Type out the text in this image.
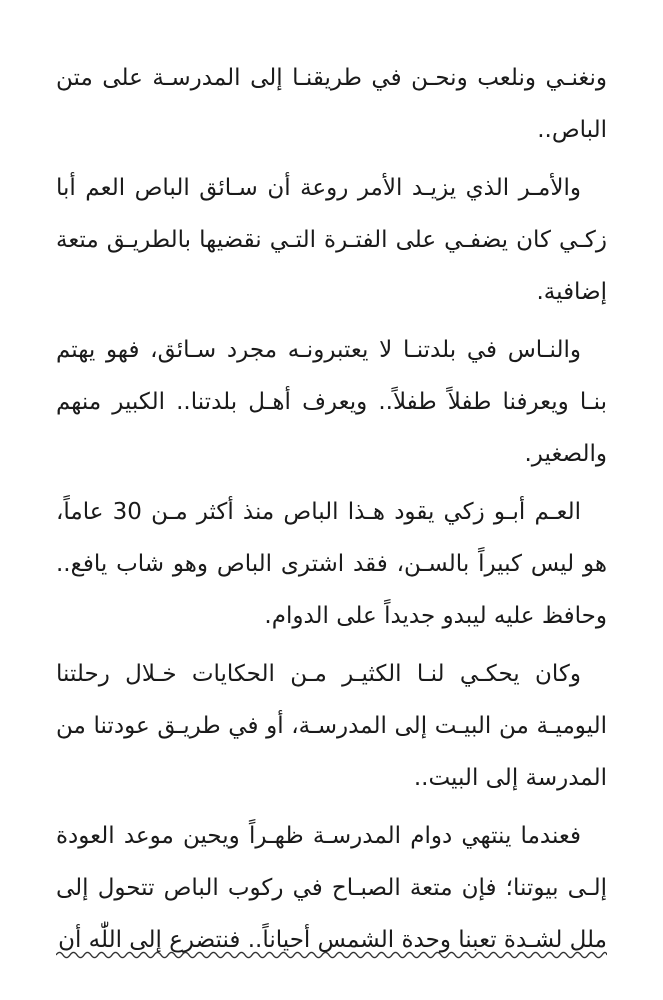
ونغنـي ونلعب ونحـن في طريقنـا إلى المدرسـة على متن الباص..

والأمـر الذي يزيـد الأمر روعة أن سـائق الباص العم أبا زكـي كان يضفـي على الفتـرة التـي نقضيها بالطريـق متعة إضافية.

والنـاس في بلدتنـا لا يعتبرونـه مجرد سـائق، فهو يهتم بنـا ويعرفنا طفلاً طفلاً.. ويعرف أهـل بلدتنا.. الكبير منهم والصغير.

العـم أبـو زكي يقود هـذا الباص منذ أكثر مـن 30 عاماً، هو ليس كبيراً بالسـن، فقد اشترى الباص وهو شاب يافع.. وحافظ عليه ليبدو جديداً على الدوام.

وكان يحكـي لنـا الكثيـر مـن الحكايات خـلال رحلتنا اليوميـة من البيـت إلى المدرسـة، أو في طريـق عودتنا من المدرسة إلى البيت..

فعندما ينتهي دوام المدرسـة ظهـراً ويحين موعد العودة إلـى بيوتنا؛ فإن متعة الصبـاح في ركوب الباص تتحول إلى ملل لشـدة تعبنا وحدة الشمس أحياناً.. فنتضرع إلى اللّٰه أن
